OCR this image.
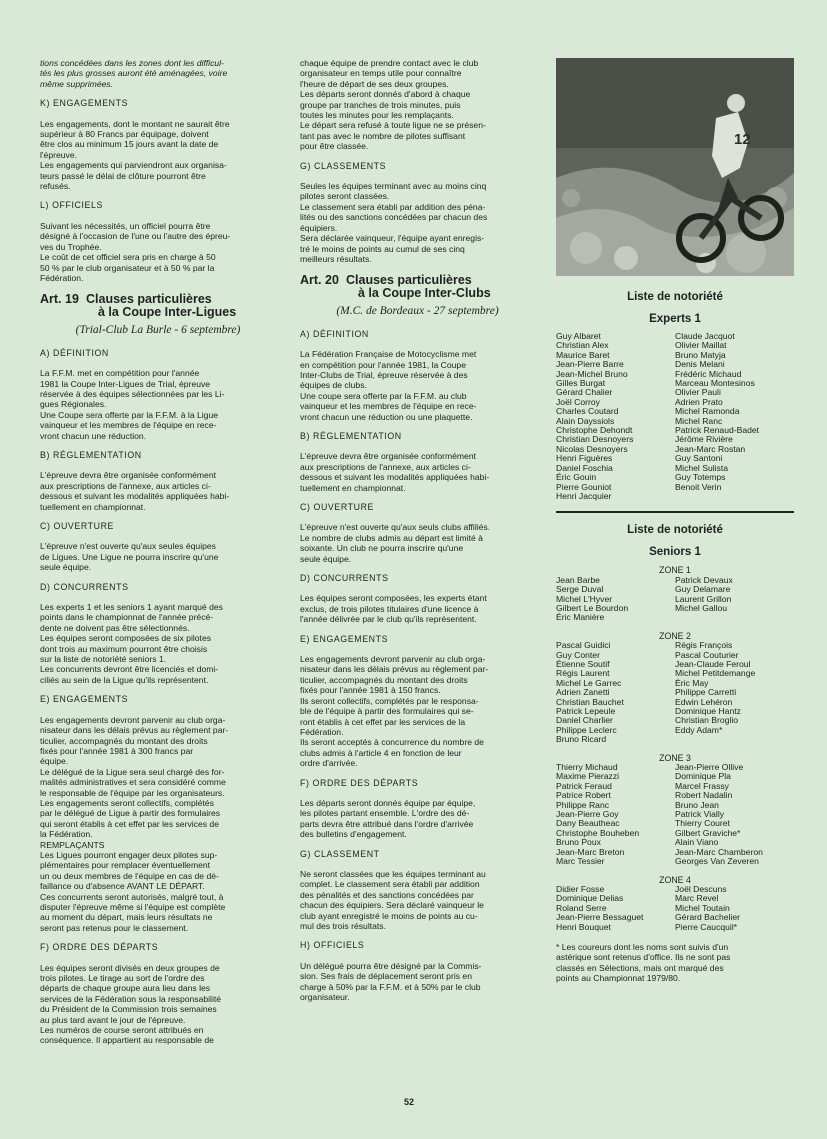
tions concédées dans les zones dont les difficul-
tés les plus grosses auront été aménagées, voire
même supprimées.

K) ENGAGEMENTS

Les engagements, dont le montant ne saurait être
supérieur à 80 Francs par équipage, doivent
être clos au minimum 15 jours avant la date de
l'épreuve.
Les engagements qui parviendront aux organisa-
teurs passé le délai de clôture pourront être
refusés.

L) OFFICIELS

Suivant les nécessités, un officiel pourra être
désigné à l'occasion de l'une ou l'autre des épreu-
ves du Trophée.
Le coût de cet officiel sera pris en charge à 50
50 % par le club organisateur et à 50 % par la
Fédération.

Art. 19 Clauses particulières
à la Coupe Inter-Ligues
(Trial-Club La Burle - 6 septembre)
A) DÉFINITION

La F.F.M. met en compétition pour l'année
1981 la Coupe Inter-Ligues de Trial, épreuve
réservée à des équipes sélectionnées par les Li-
gues Régionales.
Une Coupe sera offerte par la F.F.M. à la Ligue
vainqueur et les membres de l'équipe en rece-
vront chacun une réduction.

B) RÉGLEMENTATION

L'épreuve devra être organisée conformément
aux prescriptions de l'annexe, aux articles ci-
dessous et suivant les modalités appliquées habi-
tuellement en championnat.

C) OUVERTURE

L'épreuve n'est ouverte qu'aux seules équipes
de Ligues. Une Ligue ne pourra inscrire qu'une
seule équipe.

D) CONCURRENTS

Les experts 1 et les seniors 1 ayant marqué des
points dans le championnat de l'année précé-
dente ne doivent pas être sélectionnés.
Les équipes seront composées de six pilotes
dont trois au maximum pourront être choisis
sur la liste de notoriété seniors 1.
Les concurrents devront être licenciés et domi-
ciliés au sein de la Ligue qu'ils représentent.

E) ENGAGEMENTS

Les engagements devront parvenir au club orga-
nisateur dans les délais prévus au règlement par-
ticulier, accompagnés du montant des droits
fixés pour l'année 1981 à 300 francs par
équipe.
Le délégué de la Ligue sera seul chargé des for-
malités administratives et sera considéré comme
le responsable de l'équipe par les organisateurs.
Les engagements seront collectifs, complétés
par le délégué de Ligue à partir des formulaires
qui seront établis à cet effet par les services de
la Fédération.
REMPLAÇANTS
Les Ligues pourront engager deux pilotes sup-
plémentaires pour remplacer éventuellement
un ou deux membres de l'équipe en cas de dé-
faillance ou d'absence AVANT LE DÉPART.
Ces concurrents seront autorisés, malgré tout, à
disputer l'épreuve même si l'équipe est complète
au moment du départ, mais leurs résultats ne
seront pas retenus pour le classement.

F) ORDRE DES DÉPARTS

Les équipes seront divisés en deux groupes de
trois pilotes. Le tirage au sort de l'ordre des
départs de chaque groupe aura lieu dans les
services de la Fédération sous la responsabilité
du Président de la Commission trois semaines
au plus tard avant le jour de l'épreuve.
Les numéros de course seront attribués en
conséquence. Il appartient au responsable de

chaque équipe de prendre contact avec le club
organisateur en temps utile pour connaître
l'heure de départ de ses deux groupes.
Les départs seront donnés d'abord à chaque
groupe par tranches de trois minutes, puis
toutes les minutes pour les remplaçants.
Le départ sera refusé à toute ligue ne se présen-
tant pas avec le nombre de pilotes suffisant
pour être classée.

G) CLASSEMENTS

Seules les équipes terminant avec au moins cinq
pilotes seront classées.
Le classement sera établi par addition des péna-
lités ou des sanctions concédées par chacun des
équipiers.
Sera déclarée vainqueur, l'équipe ayant enregis-
tré le moins de points au cumul de ses cinq
meilleurs résultats.

Art. 20 Clauses particulières
à la Coupe Inter-Clubs
(M.C. de Bordeaux - 27 septembre)
A) DÉFINITION

La Fédération Française de Motocyclisme met
en compétition pour l'année 1981, la Coupe
Inter-Clubs de Trial, épreuve réservée à des
équipes de clubs.
Une coupe sera offerte par la F.F.M. au club
vainqueur et les membres de l'équipe en rece-
vront chacun une réduction ou une plaquette.

B) RÉGLEMENTATION

L'épreuve devra être organisée conformément
aux prescriptions de l'annexe, aux articles ci-
dessous et suivant les modalités appliquées habi-
tuellement en championnat.

C) OUVERTURE

L'épreuve n'est ouverte qu'aux seuls clubs affiliés.
Le nombre de clubs admis au départ est limité à
soixante. Un club ne pourra inscrire qu'une
seule équipe.

D) CONCURRENTS

Les équipes seront composées, les experts étant
exclus, de trois pilotes titulaires d'une licence à
l'année délivrée par le club qu'ils représentent.

E) ENGAGEMENTS

Les engagements devront parvenir au club orga-
nisateur dans les délais prévus au règlement par-
ticulier, accompagnés du montant des droits
fixés pour l'année 1981 à 150 francs.
Ils seront collectifs, complétés par le responsa-
ble de l'équipe à partir des formulaires qui se-
ront établis à cet effet par les services de la
Fédération.
Ils seront acceptés à concurrence du nombre de
clubs admis à l'article 4 en fonction de leur
ordre d'arrivée.

F) ORDRE DES DÉPARTS

Les départs seront donnés équipe par équipe,
les pilotes partant ensemble. L'ordre des dé-
parts devra être attribué dans l'ordre d'arrivée
des bulletins d'engagement.

G) CLASSEMENT

Ne seront classées que les équipes terminant au
complet. Le classement sera établi par addition
des pénalités et des sanctions concédées par
chacun des équipiers. Sera déclaré vainqueur le
club ayant enregistré le moins de points au cu-
mul des trois résultats.

H) OFFICIELS

Un délégué pourra être désigné par la Commis-
sion. Ses frais de déplacement seront pris en
charge à 50% par la F.F.M. et à 50% par le club
organisateur.

12
Liste de notoriété
Experts 1
Guy Albaret
Christian Alex
Maurice Baret
Jean-Pierre Barre
Jean-Michel Bruno
Gilles Burgat
Gérard Chalier
Joël Corroy
Charles Coutard
Alain Dayssiols
Christophe Dehondt
Christian Desnoyers
Nicolas Desnoyers
Henri Figuères
Daniel Foschia
Éric Gouin
Pierre Gouniot
Henri Jacquier
Claude Jacquot
Olivier Maillat
Bruno Matyja
Denis Melani
Frédéric Michaud
Marceau Montesinos
Olivier Pauli
Adrien Prato
Michel Ramonda
Michel Ranc
Patrick Renaud-Badet
Jérôme Rivière
Jean-Marc Rostan
Guy Santoni
Michel Sulista
Guy Totemps
Benoit Verin
Liste de notoriété
Seniors 1
ZONE 1
Jean Barbe
Serge Duval
Michel L'Hyver
Gilbert Le Bourdon
Éric Manière
Patrick Devaux
Guy Delamare
Laurent Grillon
Michel Gallou
ZONE 2
Pascal Guidici
Guy Conter
Étienne Soutif
Régis Laurent
Michel Le Garrec
Adrien Zanetti
Christian Bauchet
Patrick Lepeule
Daniel Charlier
Philippe Leclerc
Bruno Ricard
Régis François
Pascal Couturier
Jean-Claude Feroul
Michel Petitdemange
Éric May
Philippe Carretti
Edwin Lehéron
Dominique Hantz
Christian Broglio
Eddy Adam*
ZONE 3
Thierry Michaud
Maxime Pierazzi
Patrick Feraud
Patrice Robert
Philippe Ranc
Jean-Pierre Goy
Dany Beautheac
Christophe Bouheben
Bruno Poux
Jean-Marc Breton
Marc Tessier
Jean-Pierre Ollive
Dominique Pla
Marcel Frassy
Robert Nadalin
Bruno Jean
Patrick Vially
Thierry Couret
Gilbert Graviche*
Alain Viano
Jean-Marc Chamberon
Georges Van Zeveren
ZONE 4
Didier Fosse
Dominique Delias
Roland Serre
Jean-Pierre Bessaguet
Henri Bouquet
Joël Descuns
Marc Revel
Michel Toutain
Gérard Bachelier
Pierre Caucquil*

* Les coureurs dont les noms sont suivis d'un
astérique sont retenus d'office. Ils ne sont pas
classés en Sélections, mais ont marqué des
points au Championnat 1979/80.

52
